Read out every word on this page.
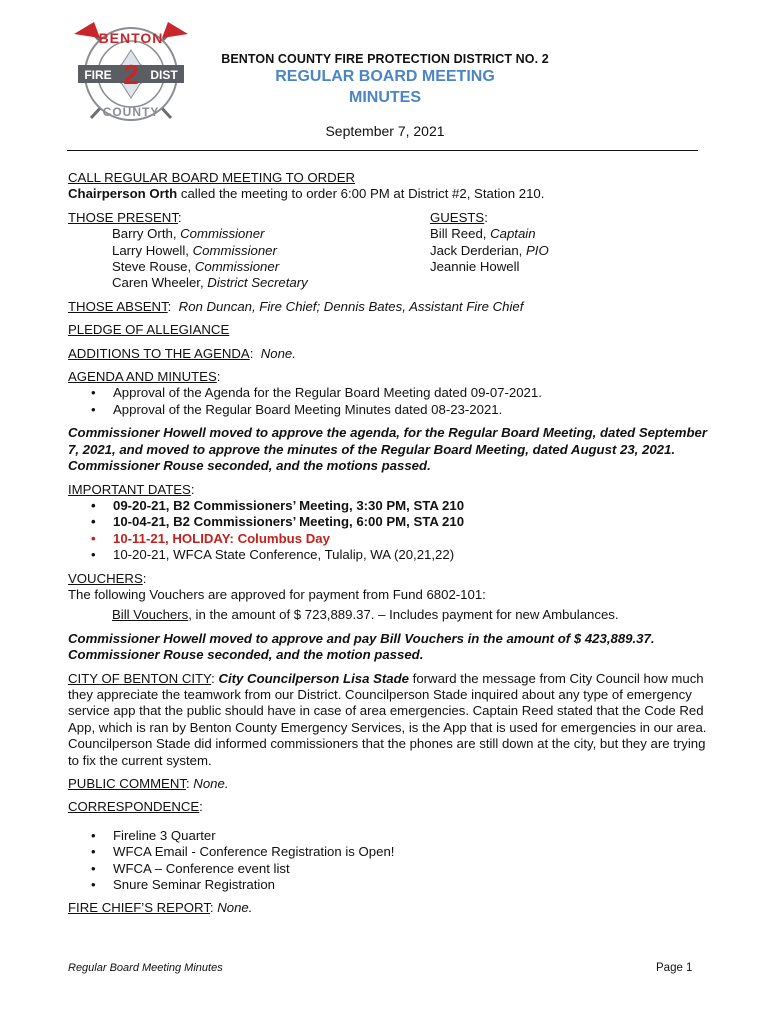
BENTON
COUNTY
FIRE	DIST
2	BENTON COUNTY FIRE PROTECTION DISTRICT NO. 2
REGULAR BOARD MEETING
MINUTES
September 7, 2021
CALL REGULAR BOARD MEETING TO ORDER
Chairperson Orth called the meeting to order 6:00 PM at District #2, Station 210.
THOSE PRESENT:
Barry Orth, Commissioner
Larry Howell, Commissioner
Steve Rouse, Commissioner
Caren Wheeler, District Secretary
GUESTS:
Bill Reed, Captain
Jack Derderian, PIO
Jeannie Howell
THOSE ABSENT:  Ron Duncan, Fire Chief; Dennis Bates, Assistant Fire Chief
PLEDGE OF ALLEGIANCE
ADDITIONS TO THE AGENDA:  None.
AGENDA AND MINUTES:
• Approval of the Agenda for the Regular Board Meeting dated 09-07-2021.
• Approval of the Regular Board Meeting Minutes dated 08-23-2021.
Commissioner Howell moved to approve the agenda, for the Regular Board Meeting, dated September 7, 2021, and moved to approve the minutes of the Regular Board Meeting, dated August 23, 2021. Commissioner Rouse seconded, and the motions passed.
IMPORTANT DATES:
• 09-20-21, B2 Commissioners’ Meeting, 3:30 PM, STA 210
• 10-04-21, B2 Commissioners’ Meeting, 6:00 PM, STA 210
• 10-11-21, HOLIDAY: Columbus Day
• 10-20-21, WFCA State Conference, Tulalip, WA (20,21,22)
VOUCHERS:
The following Vouchers are approved for payment from Fund 6802-101:
Bill Vouchers, in the amount of $ 723,889.37. – Includes payment for new Ambulances.
Commissioner Howell moved to approve and pay Bill Vouchers in the amount of $ 423,889.37. Commissioner Rouse seconded, and the motion passed.
CITY OF BENTON CITY: City Councilperson Lisa Stade forward the message from City Council how much they appreciate the teamwork from our District. Councilperson Stade inquired about any type of emergency service app that the public should have in case of area emergencies. Captain Reed stated that the Code Red App, which is ran by Benton County Emergency Services, is the App that is used for emergencies in our area. Councilperson Stade did informed commissioners that the phones are still down at the city, but they are trying to fix the current system.
PUBLIC COMMENT: None.
CORRESPONDENCE:
• Fireline 3 Quarter
• WFCA Email - Conference Registration is Open!
• WFCA – Conference event list
• Snure Seminar Registration
FIRE CHIEF’S REPORT: None.
Regular Board Meeting Minutes	Page 1
